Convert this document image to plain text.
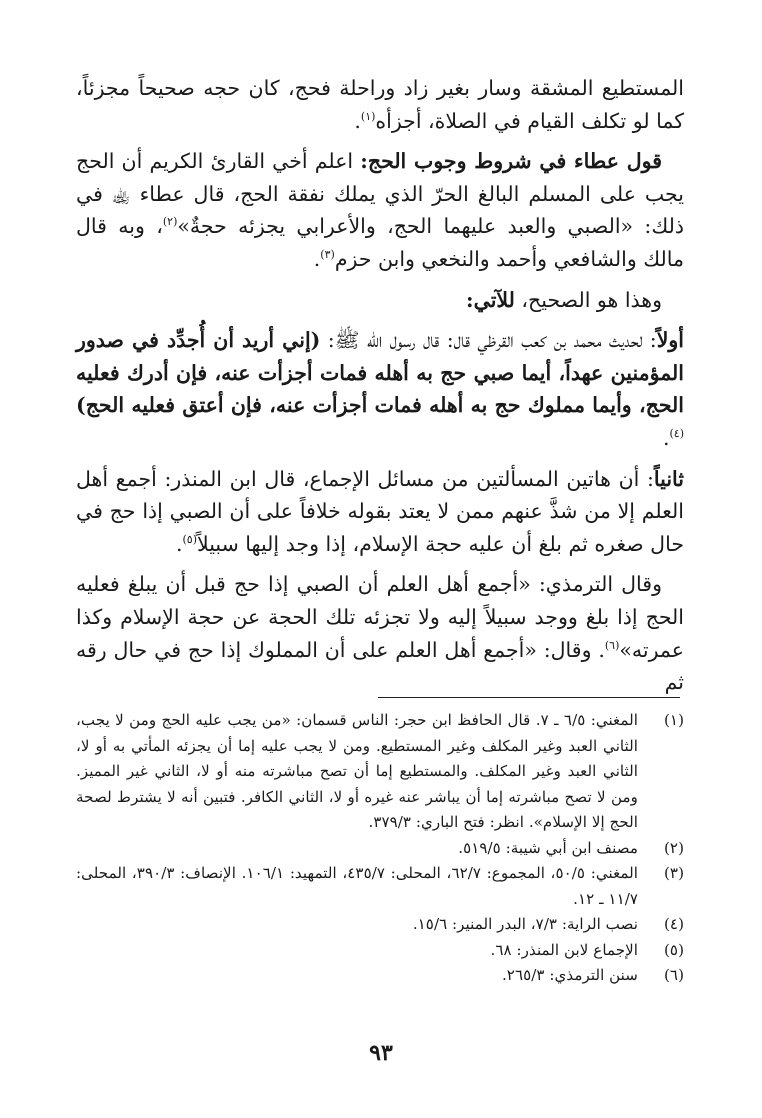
المستطيع المشقة وسار بغير زاد وراحلة فحج، كان حجه صحيحاً مجزئاً، كما لو تكلف القيام في الصلاة، أجزأه$^{(١)}$.

قول عطاء في شروط وجوب الحج: اعلم أخي القارئ الكريم أن الحج يجب على المسلم البالغ الحرّ الذي يملك نفقة الحج، قال عطاء ﵀ في ذلك: «الصبي والعبد عليهما الحج، والأعرابي يجزئه حجةٌ»$^{(٢)}$، وبه قال مالك والشافعي وأحمد والنخعي وابن حزم$^{(٣)}$.

وهذا هو الصحيح، للآتي:

أولاً: لحديث محمد بن كعب القرظي قال: قال رسول الله ﷺ: (إني أريد أن أُجدِّد في صدور المؤمنين عهداً، أيما صبي حج به أهله فمات أجزأت عنه، فإن أدرك فعليه الحج، وأيما مملوك حج به أهله فمات أجزأت عنه، فإن أعتق فعليه الحج)$^{(٤)}$.

ثانياً: أن هاتين المسألتين من مسائل الإجماع، قال ابن المنذر: أجمع أهل العلم إلا من شذَّ عنهم ممن لا يعتد بقوله خلافاً على أن الصبي إذا حج في حال صغره ثم بلغ أن عليه حجة الإسلام، إذا وجد إليها سبيلاً$^{(٥)}$.

وقال الترمذي: «أجمع أهل العلم أن الصبي إذا حج قبل أن يبلغ فعليه الحج إذا بلغ ووجد سبيلاً إليه ولا تجزئه تلك الحجة عن حجة الإسلام وكذا عمرته»$^{(٦)}$. وقال: «أجمع أهل العلم على أن المملوك إذا حج في حال رقه ثم

(١)
المغني: ٦/٥ ـ ٧. قال الحافظ ابن حجر: الناس قسمان: «من يجب عليه الحج ومن لا يجب، الثاني العبد وغير المكلف وغير المستطيع. ومن لا يجب عليه إما أن يجزئه المأتي به أو لا، الثاني العبد وغير المكلف. والمستطيع إما أن تصح مباشرته منه أو لا، الثاني غير المميز. ومن لا تصح مباشرته إما أن يباشر عنه غيره أو لا، الثاني الكافر. فتبين أنه لا يشترط لصحة الحج إلا الإسلام». انظر: فتح الباري: ٣٧٩/٣.
(٢)
مصنف ابن أبي شيبة: ٥١٩/٥.
(٣)
المغني: ٥٠/٥، المجموع: ٦٢/٧، المحلى: ٤٣٥/٧، التمهيد: ١٠٦/١. الإنصاف: ٣٩٠/٣، المحلى: ١١/٧ ـ ١٢.
(٤)
نصب الراية: ٧/٣، البدر المنير: ١٥/٦.
(٥)
الإجماع لابن المنذر: ٦٨.
(٦)
سنن الترمذي: ٢٦٥/٣.
٩٣
